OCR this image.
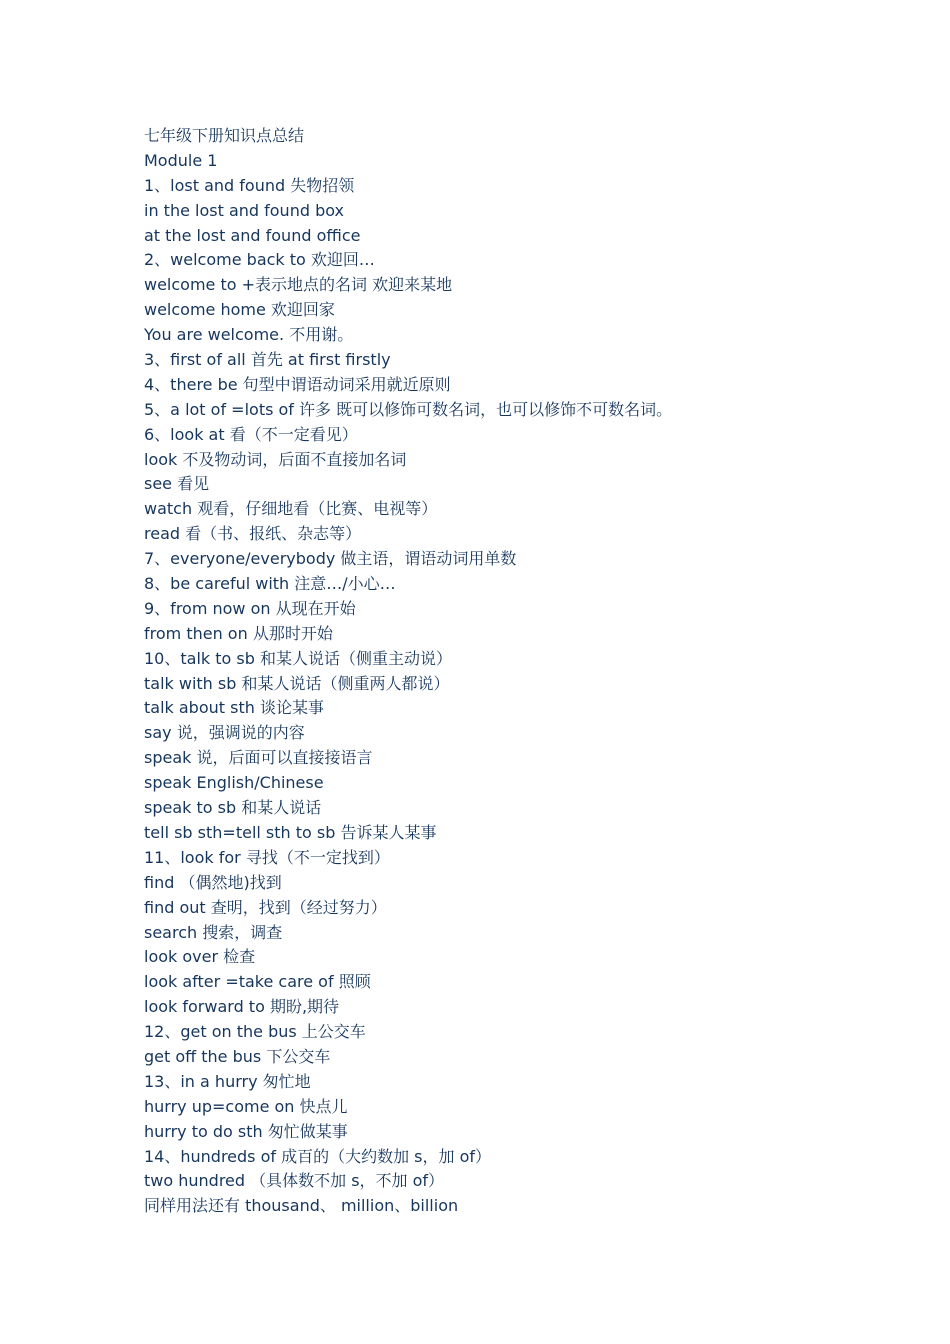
七年级下册知识点总结
Module 1
1、lost and found 失物招领
in the lost and found box
at the lost and found office
2、welcome back to 欢迎回…
welcome to +表示地点的名词 欢迎来某地
welcome home 欢迎回家
You are welcome. 不用谢。
3、first of all 首先 at first firstly
4、there be 句型中谓语动词采用就近原则
5、a lot of =lots of 许多 既可以修饰可数名词，也可以修饰不可数名词。
6、look at 看（不一定看见）
look 不及物动词，后面不直接加名词
see 看见
watch 观看，仔细地看（比赛、电视等）
read 看（书、报纸、杂志等）
7、everyone/everybody 做主语，谓语动词用单数
8、be careful with 注意…/小心…
9、from now on 从现在开始
from then on 从那时开始
10、talk to sb 和某人说话（侧重主动说）
talk with sb 和某人说话（侧重两人都说）
talk about sth 谈论某事
say 说，强调说的内容
speak 说，后面可以直接接语言
speak English/Chinese
speak to sb 和某人说话
tell sb sth=tell sth to sb 告诉某人某事
11、look for 寻找（不一定找到）
find （偶然地)找到
find out 查明，找到（经过努力）
search 搜索，调查
look over 检查
look after =take care of 照顾
look forward to 期盼,期待
12、get on the bus 上公交车
get off the bus 下公交车
13、in a hurry 匆忙地
hurry up=come on 快点儿
hurry to do sth 匆忙做某事
14、hundreds of 成百的（大约数加 s，加 of）
two hundred （具体数不加 s，不加 of）
同样用法还有 thousand、 million、billion
